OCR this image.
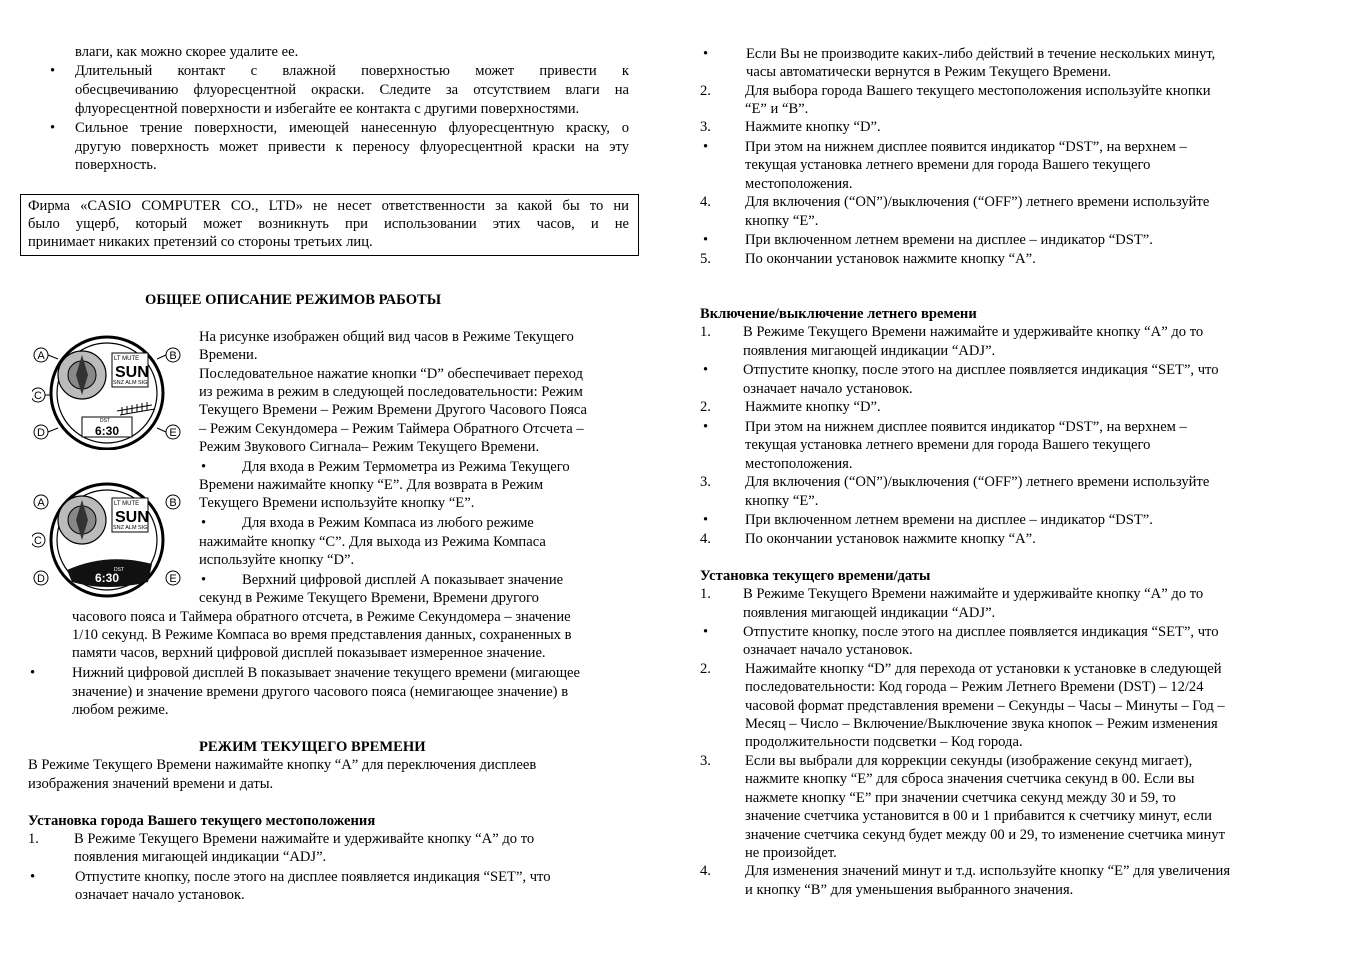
влаги, как можно скорее удалите ее.
• Длительный контакт с влажной поверхностью может привести к
обесцвечиванию флуоресцентной окраски. Следите за отсутствием влаги на
флуоресцентной поверхности и избегайте ее контакта с другими поверхностями.
• Сильное трение поверхности, имеющей нанесенную флуоресцентную краску, о
другую поверхность может привести к переносу флуоресцентной краски на эту
поверхность.
Фирма «CASIO COMPUTER CO., LTD» не несет ответственности за какой бы то ни
было ущерб, который может возникнуть при использовании этих часов, и не
принимает никаких претензий со стороны третьих лиц.
ОБЩЕЕ ОПИСАНИЕ РЕЖИМОВ РАБОТЫ
A	B
C
D	E
LT MUTE
SUN
SNZ ALM SIG
DST
6:30
A	B
C
D	E
LT MUTE
SUN
SNZ ALM SIG
DST
6:30
На рисунке изображен общий вид часов в Режиме Текущего
Времени.
Последовательное нажатие кнопки “D” обеспечивает переход
из режима в режим в следующей последовательности: Режим
Текущего Времени – Режим Времени Другого Часового Пояса
– Режим Секундомера – Режим Таймера Обратного Отсчета –
Режим Звукового Сигнала– Режим Текущего Времени.
• Для входа в Режим Термометра из Режима Текущего
Времени нажимайте кнопку “E”. Для возврата в Режим
Текущего Времени используйте кнопку “E”.
• Для входа в Режим Компаса из любого режиме
нажимайте кнопку “C”. Для выхода из Режима Компаса
используйте кнопку “D”.
• Верхний цифровой дисплей А показывает значение
секунд в Режиме Текущего Времени, Времени другого
часового пояса и Таймера обратного отсчета, в Режиме Секундомера – значение
1/10 секунд. В Режиме Компаса во время представления данных, сохраненных в
памяти часов, верхний цифровой дисплей показывает измеренное значение.
•	Нижний цифровой дисплей В показывает значение текущего времени (мигающее
значение) и значение времени другого часового пояса (немигающее значение) в
любом режиме.
РЕЖИМ ТЕКУЩЕГО ВРЕМЕНИ
В Режиме Текущего Времени нажимайте кнопку “А” для переключения дисплеев
изображения значений времени и даты.
Установка города Вашего текущего местоположения
1. В Режиме Текущего Времени нажимайте и удерживайте кнопку “А” до то
появления мигающей индикации “ADJ”.
•	Отпустите кнопку, после этого на дисплее появляется индикация “SET”, что
означает начало установок.
•	Если Вы не производите каких-либо действий в течение нескольких минут,
часы автоматически вернутся в Режим Текущего Времени.
2. Для выбора города Вашего текущего местоположения используйте кнопки
“E” и “B”.
3. Нажмите кнопку “D”.
•	При этом на нижнем дисплее появится индикатор “DST”, на верхнем –
текущая установка летнего времени для города Вашего текущего
местоположения.
4. Для включения (“ON”)/выключения (“OFF”) летнего времени используйте
кнопку “E”.
•	При включенном летнем времени на дисплее – индикатор “DST”.
5. По окончании установок нажмите кнопку “А”.
Включение/выключение летнего времени
1. В Режиме Текущего Времени нажимайте и удерживайте кнопку “А” до то
появления мигающей индикации “ADJ”.
• Отпустите кнопку, после этого на дисплее появляется индикация “SET”, что
означает начало установок.
2. Нажмите кнопку “D”.
•	При этом на нижнем дисплее появится индикатор “DST”, на верхнем –
текущая установка летнего времени для города Вашего текущего
местоположения.
3. Для включения (“ON”)/выключения (“OFF”) летнего времени используйте
кнопку “E”.
•	При включенном летнем времени на дисплее – индикатор “DST”.
4. По окончании установок нажмите кнопку “А”.
Установка текущего времени/даты
1. В Режиме Текущего Времени нажимайте и удерживайте кнопку “А” до то
появления мигающей индикации “ADJ”.
• Отпустите кнопку, после этого на дисплее появляется индикация “SET”, что
означает начало установок.
2. Нажимайте кнопку “D” для перехода от установки к установке в следующей
последовательности: Код города – Режим Летнего Времени (DST) – 12/24
часовой формат представления времени – Секунды – Часы – Минуты – Год –
Месяц – Число – Включение/Выключение звука кнопок – Режим изменения
продолжительности подсветки – Код города.
3. Если вы выбрали для коррекции секунды (изображение секунд мигает),
нажмите кнопку “E” для сброса значения счетчика секунд в 00. Если вы
нажмете кнопку “E” при значении счетчика секунд между 30 и 59, то
значение счетчика установится в 00 и 1 прибавится к счетчику минут, если
значение счетчика секунд будет между 00 и 29, то изменение счетчика минут
не произойдет.
4. Для изменения значений минут и т.д. используйте кнопку “E” для увеличения
и кнопку “B” для уменьшения выбранного значения.
